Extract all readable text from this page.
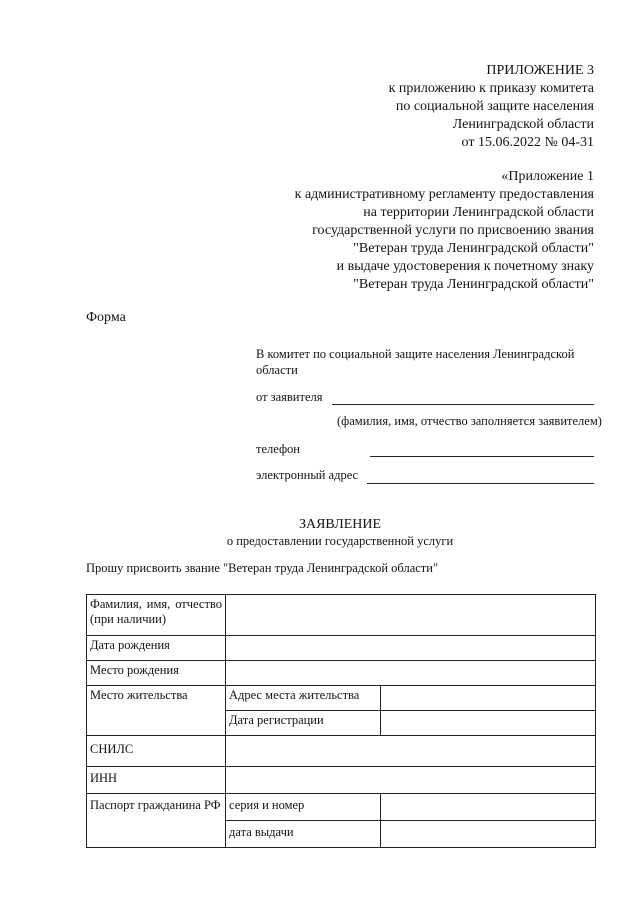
ПРИЛОЖЕНИЕ 3
к приложению к приказу комитета
по социальной защите населения
Ленинградской области
от 15.06.2022 № 04-31
«Приложение 1
к административному регламенту предоставления
на территории Ленинградской области
государственной услуги по присвоению звания
"Ветеран труда Ленинградской области"
и выдаче удостоверения к почетному знаку
"Ветеран труда Ленинградской области"
Форма
В комитет по социальной защите населения Ленинградской
области
от заявителя
(фамилия, имя, отчество заполняется заявителем)
телефон
электронный адрес
ЗАЯВЛЕНИЕ
о предоставлении государственной услуги
Прошу присвоить звание "Ветеран труда Ленинградской области"
Фамилия, имя, отчество
(при наличии)		

Дата рождения		
Место рождения		
Место жительства	Адрес места жительства	
	Дата регистрации	
СНИЛС		
ИНН		
Паспорт гражданина РФ	серия и номер	
	дата выдачи	
